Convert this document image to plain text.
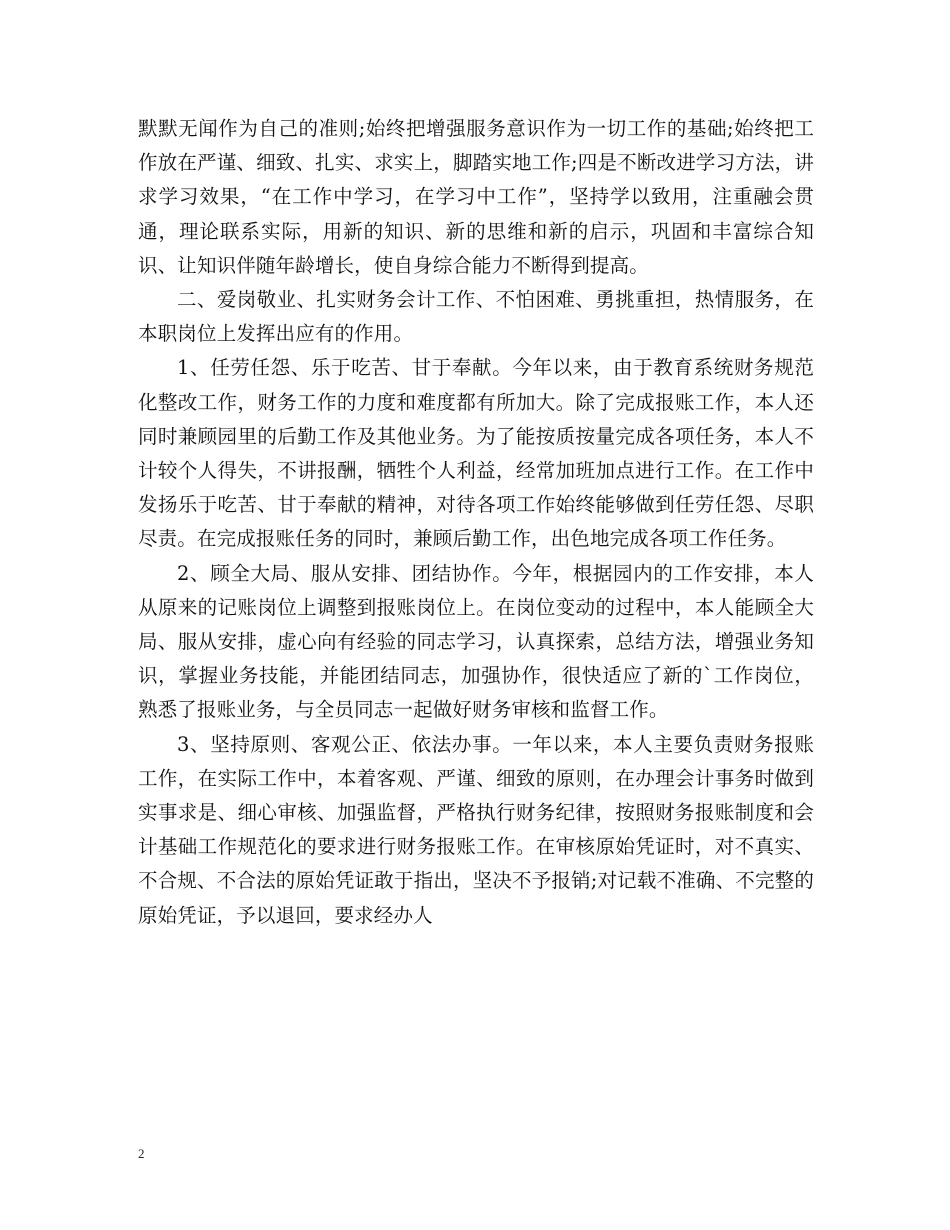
默默无闻作为自己的准则;始终把增强服务意识作为一切工作的基础;始终把工作放在严谨、细致、扎实、求实上，脚踏实地工作;四是不断改进学习方法，讲求学习效果，“在工作中学习，在学习中工作”，坚持学以致用，注重融会贯通，理论联系实际，用新的知识、新的思维和新的启示，巩固和丰富综合知识、让知识伴随年龄增长，使自身综合能力不断得到提高。

二、爱岗敬业、扎实财务会计工作、不怕困难、勇挑重担，热情服务，在本职岗位上发挥出应有的作用。

1、任劳任怨、乐于吃苦、甘于奉献。今年以来，由于教育系统财务规范化整改工作，财务工作的力度和难度都有所加大。除了完成报账工作，本人还同时兼顾园里的后勤工作及其他业务。为了能按质按量完成各项任务，本人不计较个人得失，不讲报酬，牺牲个人利益，经常加班加点进行工作。在工作中发扬乐于吃苦、甘于奉献的精神，对待各项工作始终能够做到任劳任怨、尽职尽责。在完成报账任务的同时，兼顾后勤工作，出色地完成各项工作任务。

2、顾全大局、服从安排、团结协作。今年，根据园内的工作安排，本人从原来的记账岗位上调整到报账岗位上。在岗位变动的过程中，本人能顾全大局、服从安排，虚心向有经验的同志学习，认真探索，总结方法，增强业务知识，掌握业务技能，并能团结同志，加强协作，很快适应了新的`工作岗位，熟悉了报账业务，与全员同志一起做好财务审核和监督工作。

3、坚持原则、客观公正、依法办事。一年以来，本人主要负责财务报账工作，在实际工作中，本着客观、严谨、细致的原则，在办理会计事务时做到实事求是、细心审核、加强监督，严格执行财务纪律，按照财务报账制度和会计基础工作规范化的要求进行财务报账工作。在审核原始凭证时，对不真实、不合规、不合法的原始凭证敢于指出，坚决不予报销;对记载不准确、不完整的原始凭证，予以退回，要求经办人

2
